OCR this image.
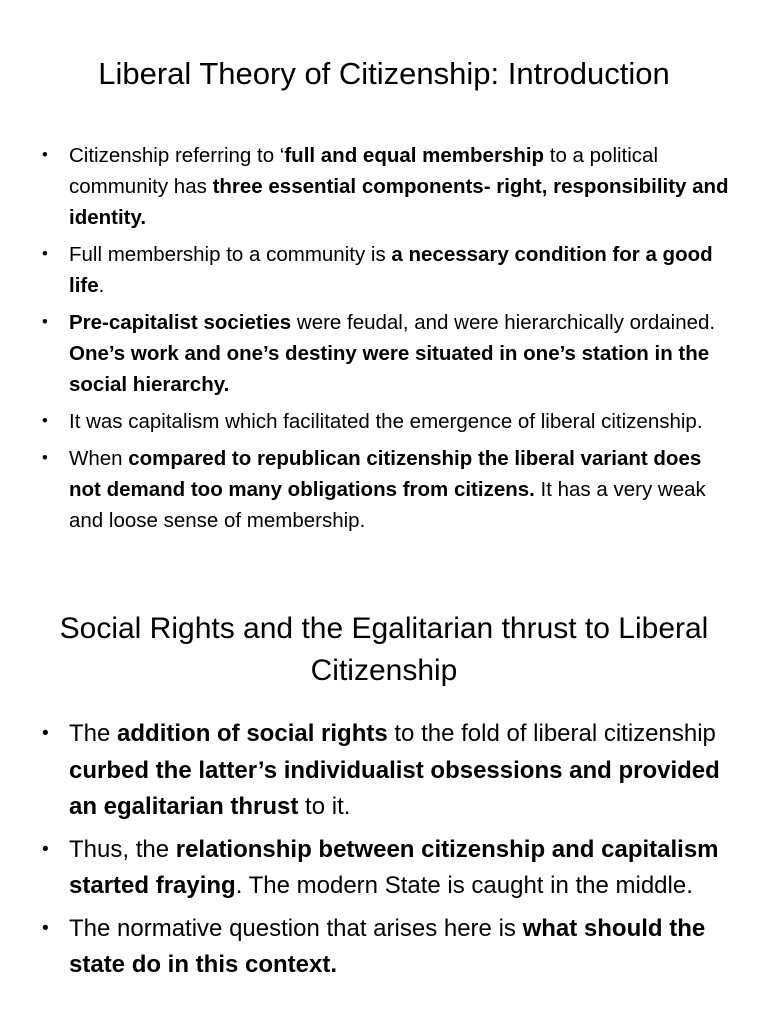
Liberal Theory of Citizenship: Introduction
• Citizenship referring to ‘full and equal membership to a political community has three essential components- right, responsibility and identity.
• Full membership to a community is a necessary condition for a good life.
• Pre-capitalist societies were feudal, and were hierarchically ordained. One’s work and one’s destiny were situated in one’s station in the social hierarchy.
• It was capitalism which facilitated the emergence of liberal citizenship.
• When compared to republican citizenship the liberal variant does not demand too many obligations from citizens. It has a very weak and loose sense of membership.
Social Rights and the Egalitarian thrust to Liberal Citizenship
• The addition of social rights to the fold of liberal citizenship curbed the latter’s individualist obsessions and provided an egalitarian thrust to it.
• Thus, the relationship between citizenship and capitalism started fraying. The modern State is caught in the middle.
• The normative question that arises here is what should the state do in this context.
